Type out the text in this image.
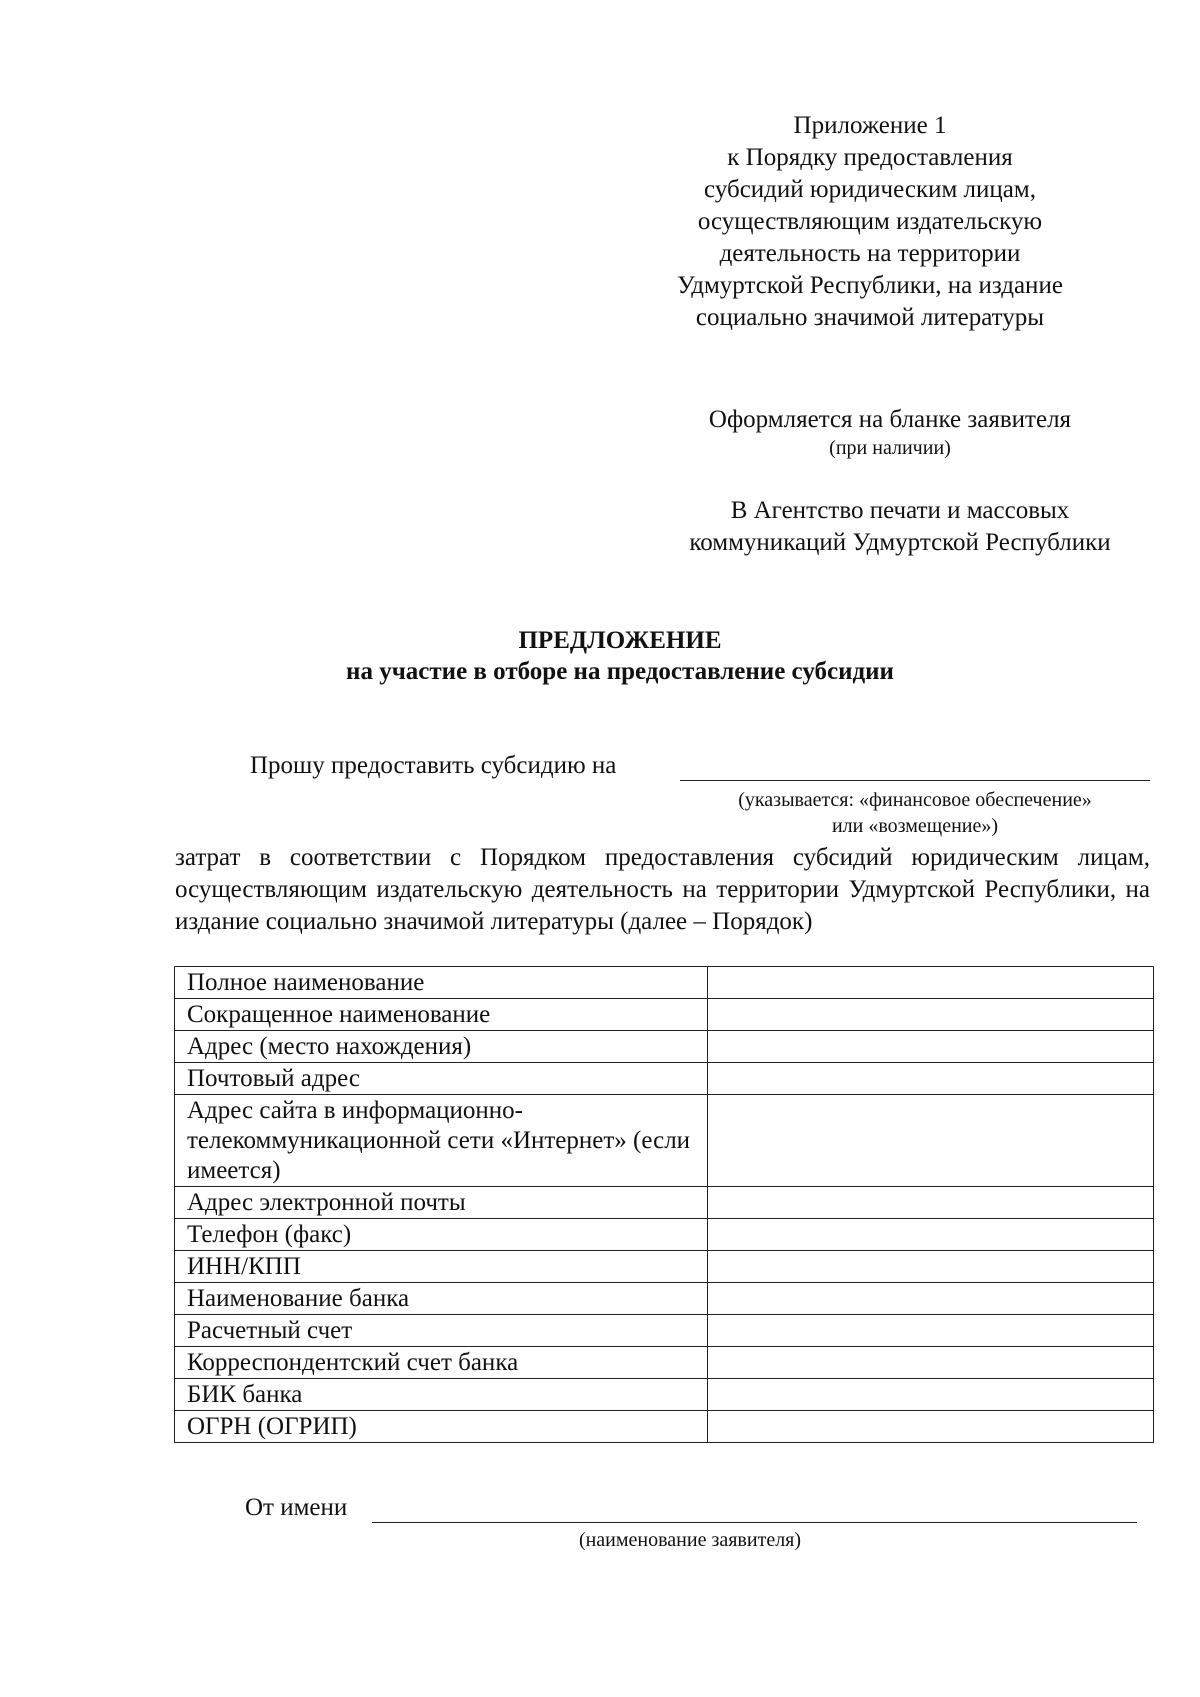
Приложение 1
к Порядку предоставления
субсидий юридическим лицам,
осуществляющим издательскую
деятельность на территории
Удмуртской Республики, на издание
социально значимой литературы
Оформляется на бланке заявителя
(при наличии)
В Агентство печати и массовых
коммуникаций Удмуртской Республики
ПРЕДЛОЖЕНИЕ
на участие в отборе на предоставление субсидии
Прошу предоставить субсидию на
(указывается: «финансовое обеспечение»
или «возмещение»)
затрат в соответствии с Порядком предоставления субсидий юридическим лицам, осуществляющим издательскую деятельность на территории Удмуртской Республики, на издание социально значимой литературы (далее – Порядок)
Полное наименование	
Сокращенное наименование	
Адрес (место нахождения)	
Почтовый адрес	
Адрес сайта в информационно-телекоммуникационной сети «Интернет» (если имеется)	
Адрес электронной почты	
Телефон (факс)	
ИНН/КПП	
Наименование банка	
Расчетный счет	
Корреспондентский счет банка	
БИК банка	
ОГРН (ОГРИП)	
От имени
(наименование заявителя)
